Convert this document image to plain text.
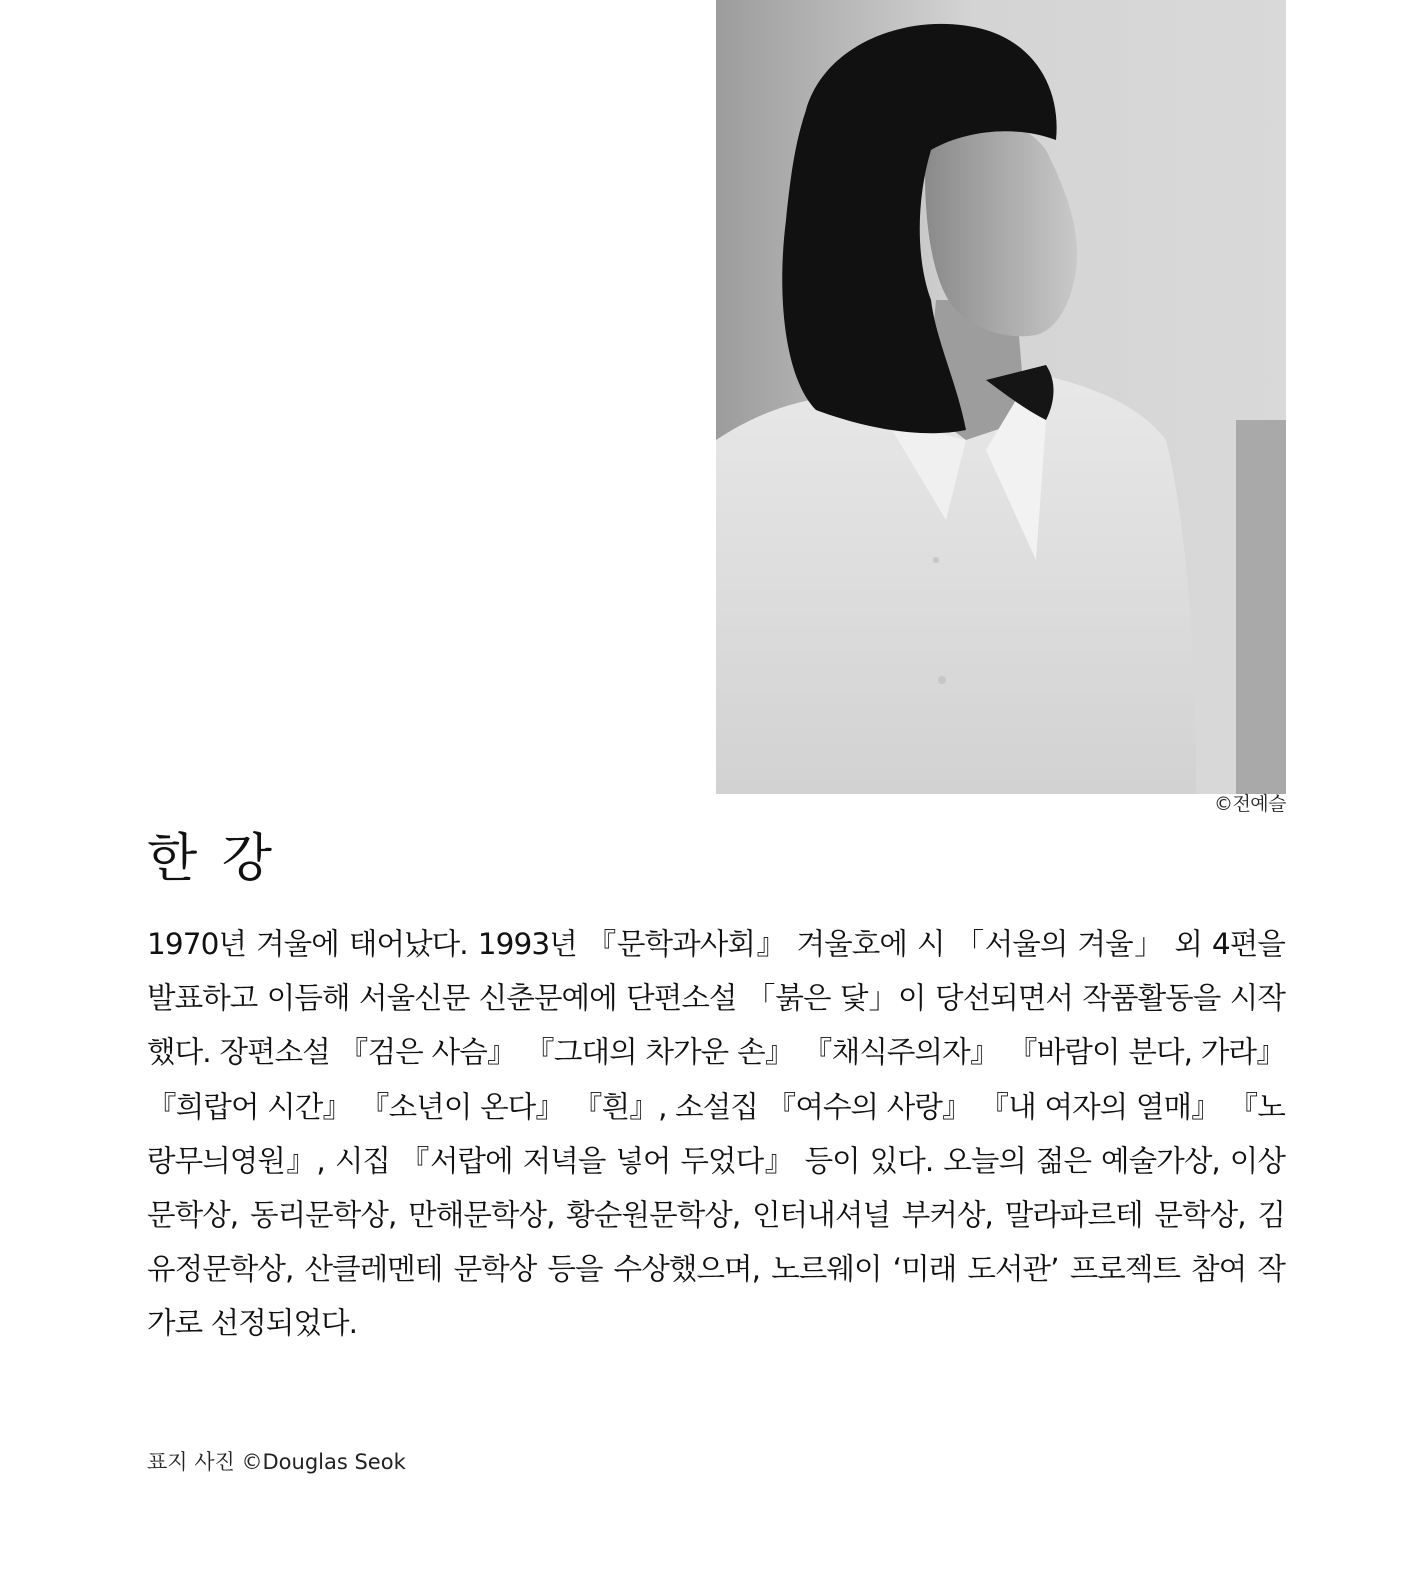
©전예슬
한 강

1970년 겨울에 태어났다. 1993년 『문학과사회』 겨울호에 시 「서울의 겨울」 외 4편을 발표하고 이듬해 서울신문 신춘문예에 단편소설 「붉은 닻」이 당선되면서 작품활동을 시작했다. 장편소설 『검은 사슴』 『그대의 차가운 손』 『채식주의자』 『바람이 분다, 가라』 『희랍어 시간』 『소년이 온다』 『흰』, 소설집 『여수의 사랑』 『내 여자의 열매』 『노랑무늬영원』, 시집 『서랍에 저녁을 넣어 두었다』 등이 있다. 오늘의 젊은 예술가상, 이상문학상, 동리문학상, 만해문학상, 황순원문학상, 인터내셔널 부커상, 말라파르테 문학상, 김유정문학상, 산클레멘테 문학상 등을 수상했으며, 노르웨이 ‘미래 도서관’ 프로젝트 참여 작가로 선정되었다.

표지 사진 ©Douglas Seok
